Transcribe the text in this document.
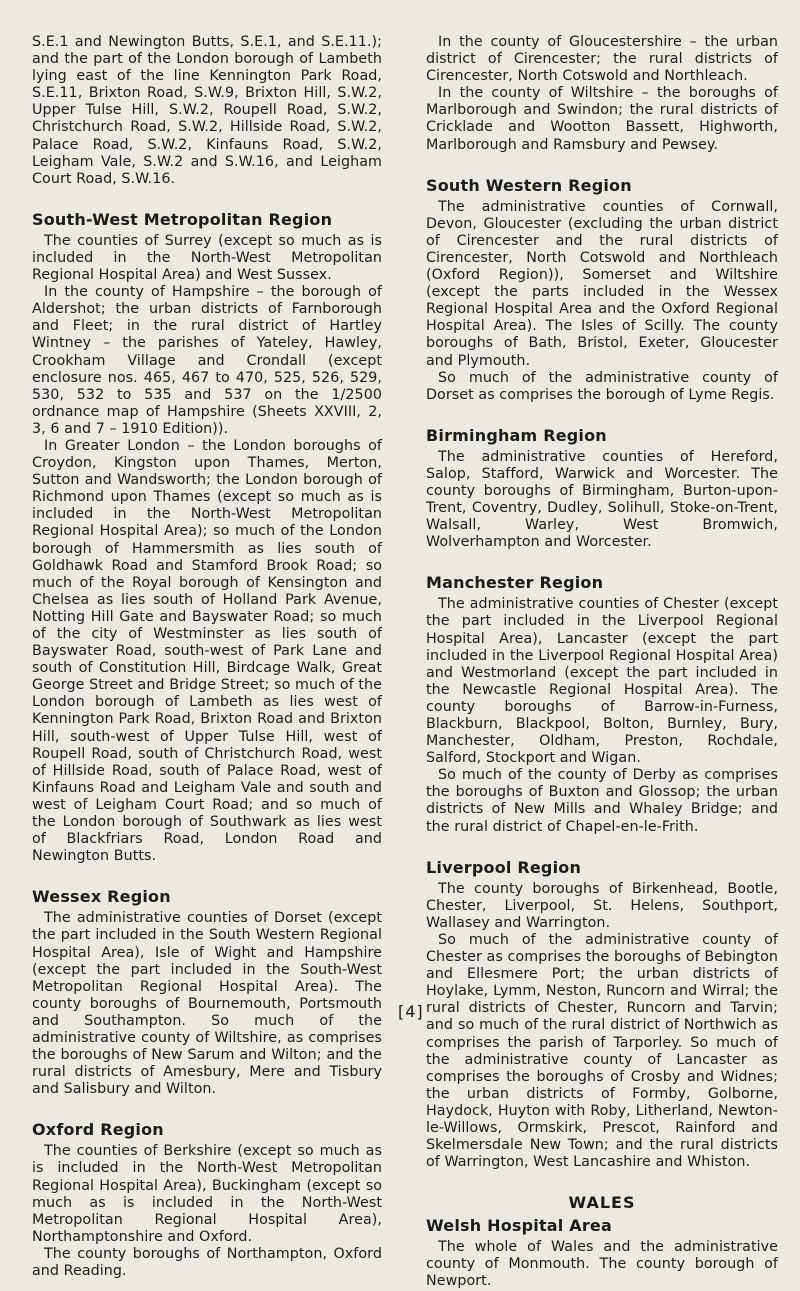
S.E.1 and Newington Butts, S.E.1, and S.E.11.); and the part of the London borough of Lambeth lying east of the line Kennington Park Road, S.E.11, Brixton Road, S.W.9, Brixton Hill, S.W.2, Upper Tulse Hill, S.W.2, Roupell Road, S.W.2, Christchurch Road, S.W.2, Hillside Road, S.W.2, Palace Road, S.W.2, Kinfauns Road, S.W.2, Leigham Vale, S.W.2 and S.W.16, and Leigham Court Road, S.W.16.

South-West Metropolitan Region

The counties of Surrey (except so much as is included in the North-West Metropolitan Regional Hospital Area) and West Sussex.

In the county of Hampshire – the borough of Aldershot; the urban districts of Farnborough and Fleet; in the rural district of Hartley Wintney – the parishes of Yateley, Hawley, Crookham Village and Crondall (except enclosure nos. 465, 467 to 470, 525, 526, 529, 530, 532 to 535 and 537 on the 1/2500 ordnance map of Hampshire (Sheets XXVIII, 2, 3, 6 and 7 – 1910 Edition)).

In Greater London – the London boroughs of Croydon, Kingston upon Thames, Merton, Sutton and Wandsworth; the London borough of Richmond upon Thames (except so much as is included in the North-West Metropolitan Regional Hospital Area); so much of the London borough of Hammersmith as lies south of Goldhawk Road and Stamford Brook Road; so much of the Royal borough of Kensington and Chelsea as lies south of Holland Park Avenue, Notting Hill Gate and Bayswater Road; so much of the city of Westminster as lies south of Bayswater Road, south-west of Park Lane and south of Constitution Hill, Birdcage Walk, Great George Street and Bridge Street; so much of the London borough of Lambeth as lies west of Kennington Park Road, Brixton Road and Brixton Hill, south-west of Upper Tulse Hill, west of Roupell Road, south of Christchurch Road, west of Hillside Road, south of Palace Road, west of Kinfauns Road and Leigham Vale and south and west of Leigham Court Road; and so much of the London borough of Southwark as lies west of Blackfriars Road, London Road and Newington Butts.

Wessex Region

The administrative counties of Dorset (except the part included in the South Western Regional Hospital Area), Isle of Wight and Hampshire (except the part included in the South-West Metropolitan Regional Hospital Area). The county boroughs of Bournemouth, Portsmouth and Southampton. So much of the administrative county of Wiltshire, as comprises the boroughs of New Sarum and Wilton; and the rural districts of Amesbury, Mere and Tisbury and Salisbury and Wilton.

Oxford Region

The counties of Berkshire (except so much as is included in the North-West Metropolitan Regional Hospital Area), Buckingham (except so much as is included in the North-West Metropolitan Regional Hospital Area), Northamptonshire and Oxford.

The county boroughs of Northampton, Oxford and Reading.

In the county of Gloucestershire – the urban district of Cirencester; the rural districts of Cirencester, North Cotswold and Northleach.

In the county of Wiltshire – the boroughs of Marlborough and Swindon; the rural districts of Cricklade and Wootton Bassett, Highworth, Marlborough and Ramsbury and Pewsey.

South Western Region

The administrative counties of Cornwall, Devon, Gloucester (excluding the urban district of Cirencester and the rural districts of Cirencester, North Cotswold and Northleach (Oxford Region)), Somerset and Wiltshire (except the parts included in the Wessex Regional Hospital Area and the Oxford Regional Hospital Area). The Isles of Scilly. The county boroughs of Bath, Bristol, Exeter, Gloucester and Plymouth.

So much of the administrative county of Dorset as comprises the borough of Lyme Regis.

Birmingham Region

The administrative counties of Hereford, Salop, Stafford, Warwick and Worcester. The county boroughs of Birmingham, Burton-upon-Trent, Coventry, Dudley, Solihull, Stoke-on-Trent, Walsall, Warley, West Bromwich, Wolverhampton and Worcester.

Manchester Region

The administrative counties of Chester (except the part included in the Liverpool Regional Hospital Area), Lancaster (except the part included in the Liverpool Regional Hospital Area) and Westmorland (except the part included in the Newcastle Regional Hospital Area). The county boroughs of Barrow-in-Furness, Blackburn, Blackpool, Bolton, Burnley, Bury, Manchester, Oldham, Preston, Rochdale, Salford, Stockport and Wigan.

So much of the county of Derby as comprises the boroughs of Buxton and Glossop; the urban districts of New Mills and Whaley Bridge; and the rural district of Chapel-en-le-Frith.

Liverpool Region

The county boroughs of Birkenhead, Bootle, Chester, Liverpool, St. Helens, Southport, Wallasey and Warrington.

So much of the administrative county of Chester as comprises the boroughs of Bebington and Ellesmere Port; the urban districts of Hoylake, Lymm, Neston, Runcorn and Wirral; the rural districts of Chester, Runcorn and Tarvin; and so much of the rural district of Northwich as comprises the parish of Tarporley. So much of the administrative county of Lancaster as comprises the boroughs of Crosby and Widnes; the urban districts of Formby, Golborne, Haydock, Huyton with Roby, Litherland, Newton-le-Willows, Ormskirk, Prescot, Rainford and Skelmersdale New Town; and the rural districts of Warrington, West Lancashire and Whiston.

WALES
Welsh Hospital Area

The whole of Wales and the administrative county of Monmouth. The county borough of Newport.

[4]
